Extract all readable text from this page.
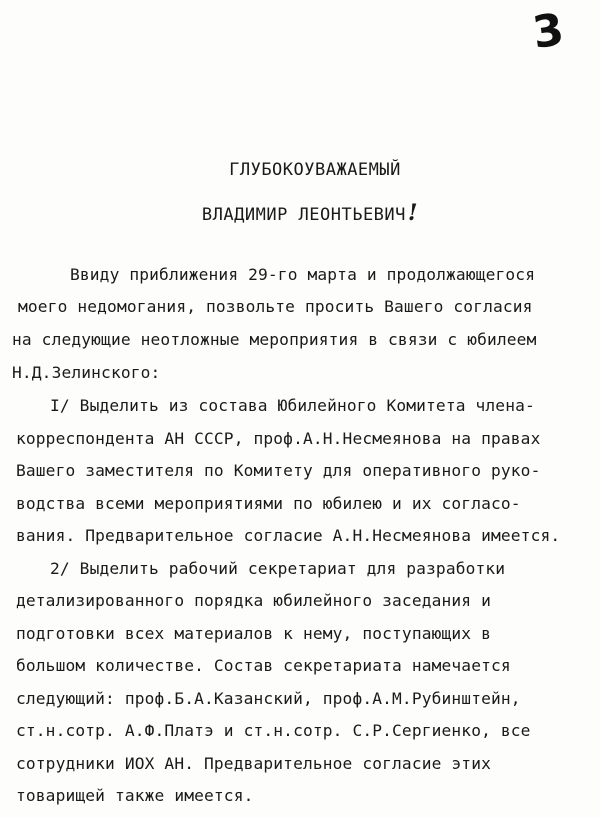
3
ГЛУБОКОУВАЖАЕМЫЙ
ВЛАДИМИР ЛЕОНТЬЕВИЧ!
Ввиду приближения 29-го марта и продолжающегося
моего недомогания, позвольте просить Вашего согласия
на следующие неотложные мероприятия в связи с юбилеем
Н.Д.Зелинского:
I/ Выделить из состава Юбилейного Комитета члена-
корреспондента АН СССР, проф.А.Н.Несмеянова на правах
Вашего заместителя по Комитету для оперативного руко-
водства всеми мероприятиями по юбилею и их согласо-
вания. Предварительное согласие А.Н.Несмеянова имеется.
2/ Выделить рабочий секретариат для разработки
детализированного порядка юбилейного заседания и
подготовки всех материалов к нему, поступающих в
большом количестве. Состав секретариата намечается
следующий: проф.Б.А.Казанский, проф.А.М.Рубинштейн,
ст.н.сотр. А.Ф.Платэ и ст.н.сотр. С.Р.Сергиенко, все
сотрудники ИОХ АН. Предварительное согласие этих
товарищей также имеется.
